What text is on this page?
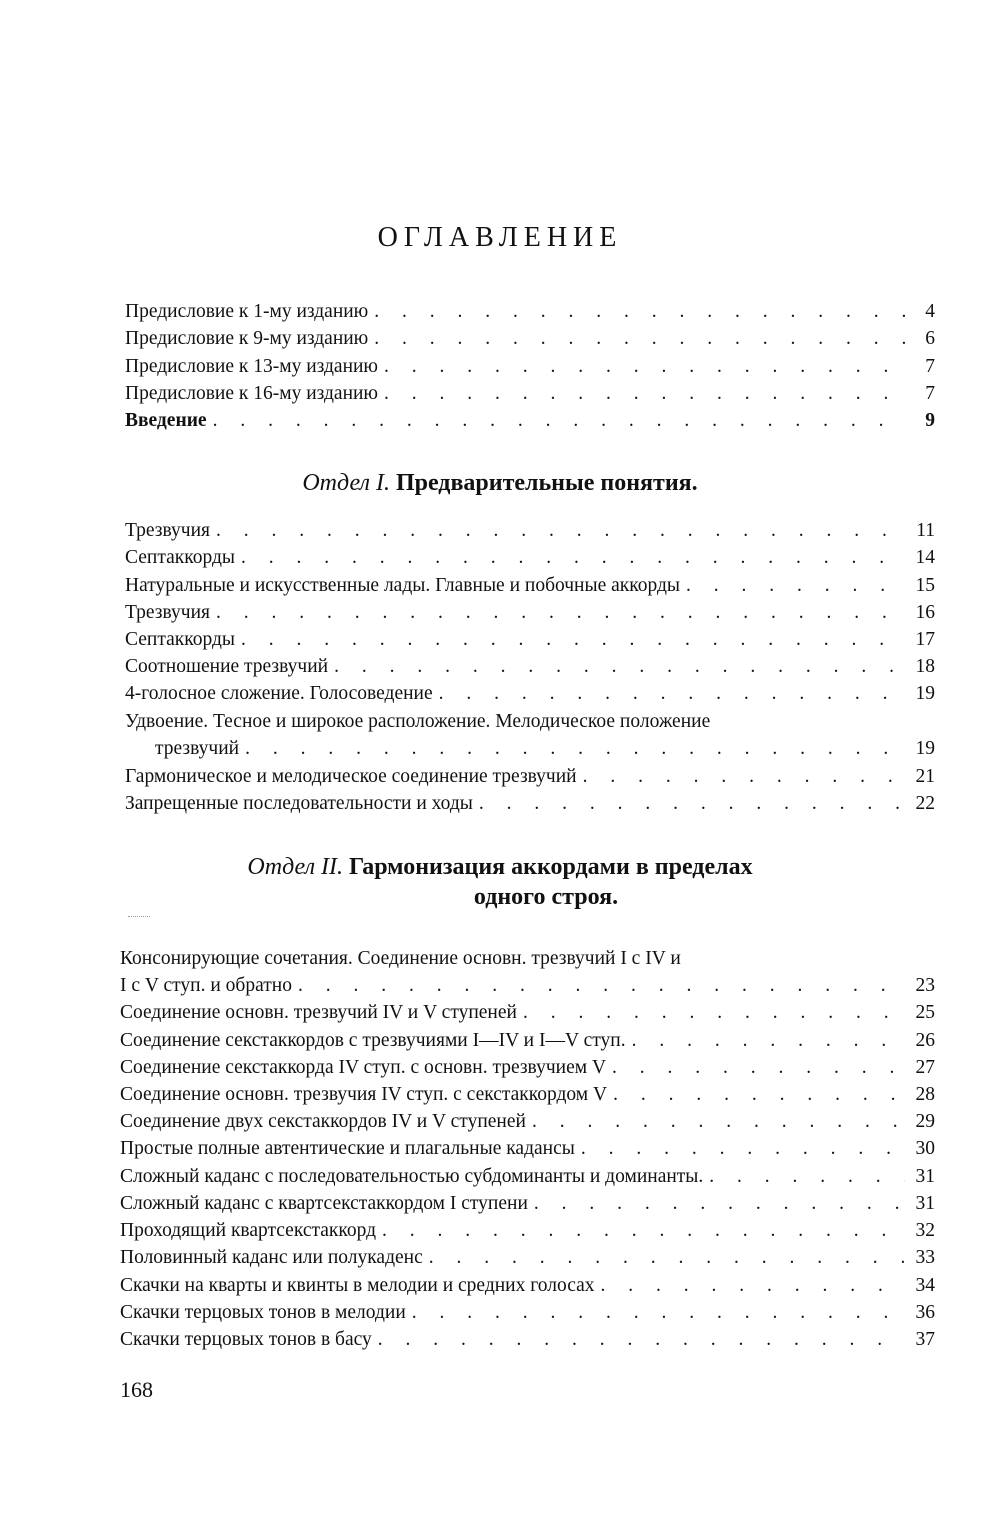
ОГЛАВЛЕНИЕ
Предисловие к 1-му изданию . . .	4
Предисловие к 9-му изданию . . .	6
Предисловие к 13-му изданию . . .	7
Предисловие к 16-му изданию . . .	7
Введение . . .	9
Отдел I. Предварительные понятия.
Трезвучия . . .	11
Септаккорды . . .	14
Натуральные и искусственные лады. Главные и побочные аккорды . . .	15
Трезвучия . . .	16
Септаккорды . . .	17
Соотношение трезвучий . . .	18
4-голосное сложение. Голосоведение . . .	19
Удвоение. Тесное и широкое расположение. Мелодическое положение
трезвучий . . .	19
Гармоническое и мелодическое соединение трезвучий . . .	21
Запрещенные последовательности и ходы . . .	22
Отдел II. Гармонизация аккордами в пределах
одного строя.
Консонирующие сочетания. Соединение основн. трезвучий I с IV и
I с V ступ. и обратно . . .	23
Соединение основн. трезвучий IV и V ступеней . . .	25
Соединение секстаккордов с трезвучиями I—IV и I—V ступ. . . .	26
Соединение секстаккорда IV ступ. с основн. трезвучием V . . .	27
Соединение основн. трезвучия IV ступ. с секстаккордом V . . .	28
Соединение двух секстаккордов IV и V ступеней . . .	29
Простые полные автентические и плагальные кадансы . . .	30
Сложный каданс с последовательностью субдоминанты и доминанты. . . .	31
Сложный каданс с квартсекстаккордом I ступени . . .	31
Проходящий квартсекстаккорд . . .	32
Половинный каданс или полукаденс . . .	33
Скачки на кварты и квинты в мелодии и средних голосах . . .	34
Скачки терцовых тонов в мелодии . . .	36
Скачки терцовых тонов в басу . . .	37
168
